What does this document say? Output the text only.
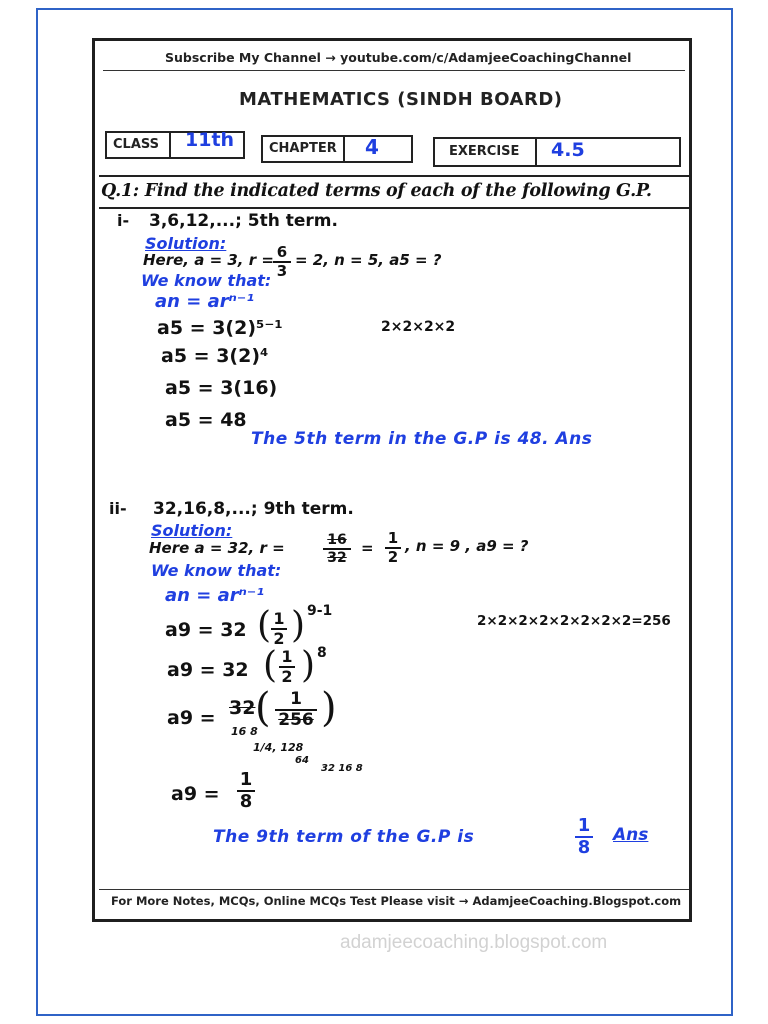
Subscribe My Channel → youtube.com/c/AdamjeeCoachingChannel
MATHEMATICS (SINDH BOARD)
CLASS 11th	CHAPTER 4	EXERCISE 4.5
Q.1: Find the indicated terms of each of the following G.P.
i- 3,6,12,...; 5th term.
Solution:
Here, a = 3, r = 6
3
= 2, n = 5, a5 = ?
We know that:
an = arⁿ⁻¹
a5 = 3(2)⁵⁻¹	2×2×2×2
a5 = 3(2)⁴
a5 = 3(16)
a5 = 48
The 5th term in the G.P is 48. Ans
ii- 32,16,8,...; 9th term.
Solution:
Here a = 32, r =	16
32
=
1
2
, n = 9 , a9 = ?
We know that:
an = arⁿ⁻¹
a9 = 32 ( 1
2 ) 9-1
2×2×2×2×2×2×2×2=256
a9 = 32 ( 1
2 ) 8
a9 = 32 (	1
256 )
16 8
1/4, 128
64
32 16 8
a9 =
1
8
The 9th term of the G.P is
1
8
Ans
For More Notes, MCQs, Online MCQs Test Please visit → AdamjeeCoaching.Blogspot.com
adamjeecoaching.blogspot.com
